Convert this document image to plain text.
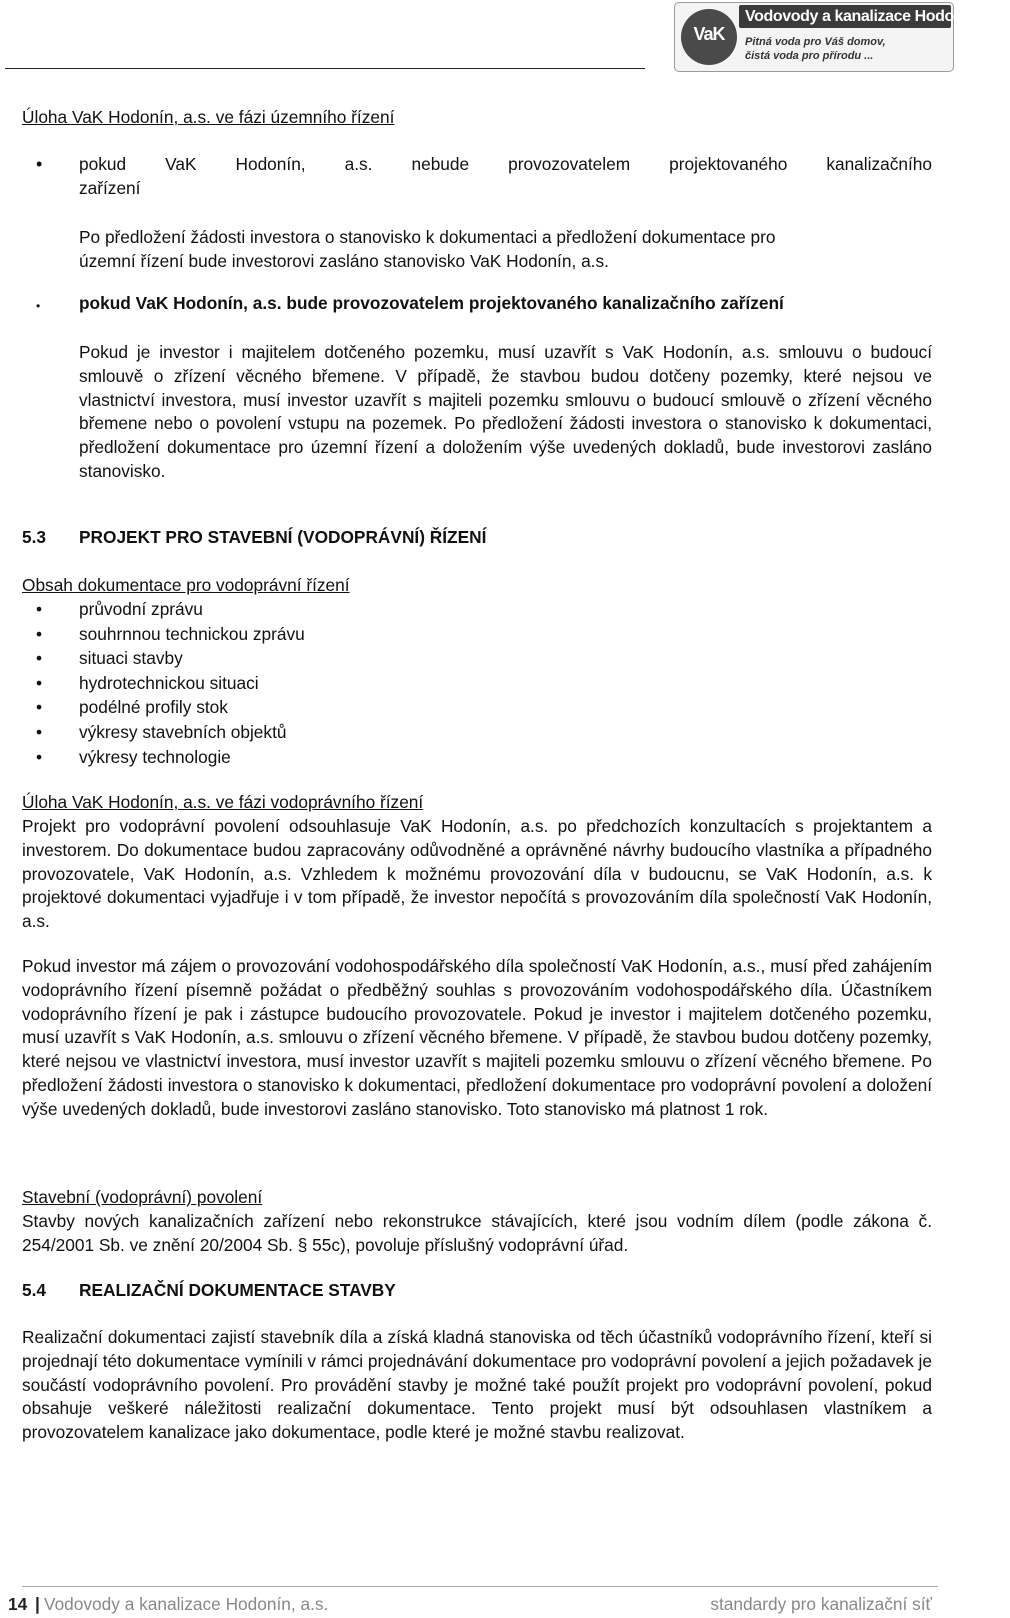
Vodovody a kanalizace Hodonín, a.s.
VaK	Pitná voda pro Váš domov,
čistá voda pro přírodu ...
Úloha VaK Hodonín, a.s. ve fázi územního řízení
• pokud VaK Hodonín, a.s. nebude provozovatelem projektovaného kanalizačního
zařízení
Po předložení žádosti investora o stanovisko k dokumentaci a předložení dokumentace pro
územní řízení bude investorovi zasláno stanovisko VaK Hodonín, a.s.
• pokud VaK Hodonín, a.s. bude provozovatelem projektovaného kanalizačního zařízení
Pokud je investor i majitelem dotčeného pozemku, musí uzavřít s VaK Hodonín, a.s. smlouvu o budoucí smlouvě o zřízení věcného břemene. V případě, že stavbou budou dotčeny pozemky, které nejsou ve vlastnictví investora, musí investor uzavřít s majiteli pozemku smlouvu o budoucí smlouvě o zřízení věcného břemene nebo o povolení vstupu na pozemek. Po předložení žádosti investora o stanovisko k dokumentaci, předložení dokumentace pro územní řízení a doložením výše uvedených dokladů, bude investorovi zasláno stanovisko.
5.3 PROJEKT PRO STAVEBNÍ (VODOPRÁVNÍ) ŘÍZENÍ
Obsah dokumentace pro vodoprávní řízení
• průvodní zprávu
• souhrnnou technickou zprávu
• situaci stavby
• hydrotechnickou situaci
• podélné profily stok
• výkresy stavebních objektů
• výkresy technologie
Úloha VaK Hodonín, a.s. ve fázi vodoprávního řízení
Projekt pro vodoprávní povolení odsouhlasuje VaK Hodonín, a.s. po předchozích konzultacích s projektantem a investorem. Do dokumentace budou zapracovány odůvodněné a oprávněné návrhy budoucího vlastníka a případného provozovatele, VaK Hodonín, a.s. Vzhledem k možnému provozování díla v budoucnu, se VaK Hodonín, a.s. k projektové dokumentaci vyjadřuje i v tom případě, že investor nepočítá s provozováním díla společností VaK Hodonín, a.s.
Pokud investor má zájem o provozování vodohospodářského díla společností VaK Hodonín, a.s., musí před zahájením vodoprávního řízení písemně požádat o předběžný souhlas s provozováním vodohospodářského díla. Účastníkem vodoprávního řízení je pak i zástupce budoucího provozovatele. Pokud je investor i majitelem dotčeného pozemku, musí uzavřít s VaK Hodonín, a.s. smlouvu o zřízení věcného břemene. V případě, že stavbou budou dotčeny pozemky, které nejsou ve vlastnictví investora, musí investor uzavřít s majiteli pozemku smlouvu o zřízení věcného břemene. Po předložení žádosti investora o stanovisko k dokumentaci, předložení dokumentace pro vodoprávní povolení a doložení výše uvedených dokladů, bude investorovi zasláno stanovisko. Toto stanovisko má platnost 1 rok.
Stavební (vodoprávní) povolení
Stavby nových kanalizačních zařízení nebo rekonstrukce stávajících, které jsou vodním dílem (podle zákona č. 254/2001 Sb. ve znění 20/2004 Sb. § 55c), povoluje příslušný vodoprávní úřad.
5.4 REALIZAČNÍ DOKUMENTACE STAVBY
Realizační dokumentaci zajistí stavebník díla a získá kladná stanoviska od těch účastníků vodoprávního řízení, kteří si projednají této dokumentace vymínili v rámci projednávání dokumentace pro vodoprávní povolení a jejich požadavek je součástí vodoprávního povolení. Pro provádění stavby je možné také použít projekt pro vodoprávní povolení, pokud obsahuje veškeré náležitosti realizační dokumentace. Tento projekt musí být odsouhlasen vlastníkem a provozovatelem kanalizace jako dokumentace, podle které je možné stavbu realizovat.
14 | Vodovody a kanalizace Hodonín, a.s.	standardy pro kanalizační síť
